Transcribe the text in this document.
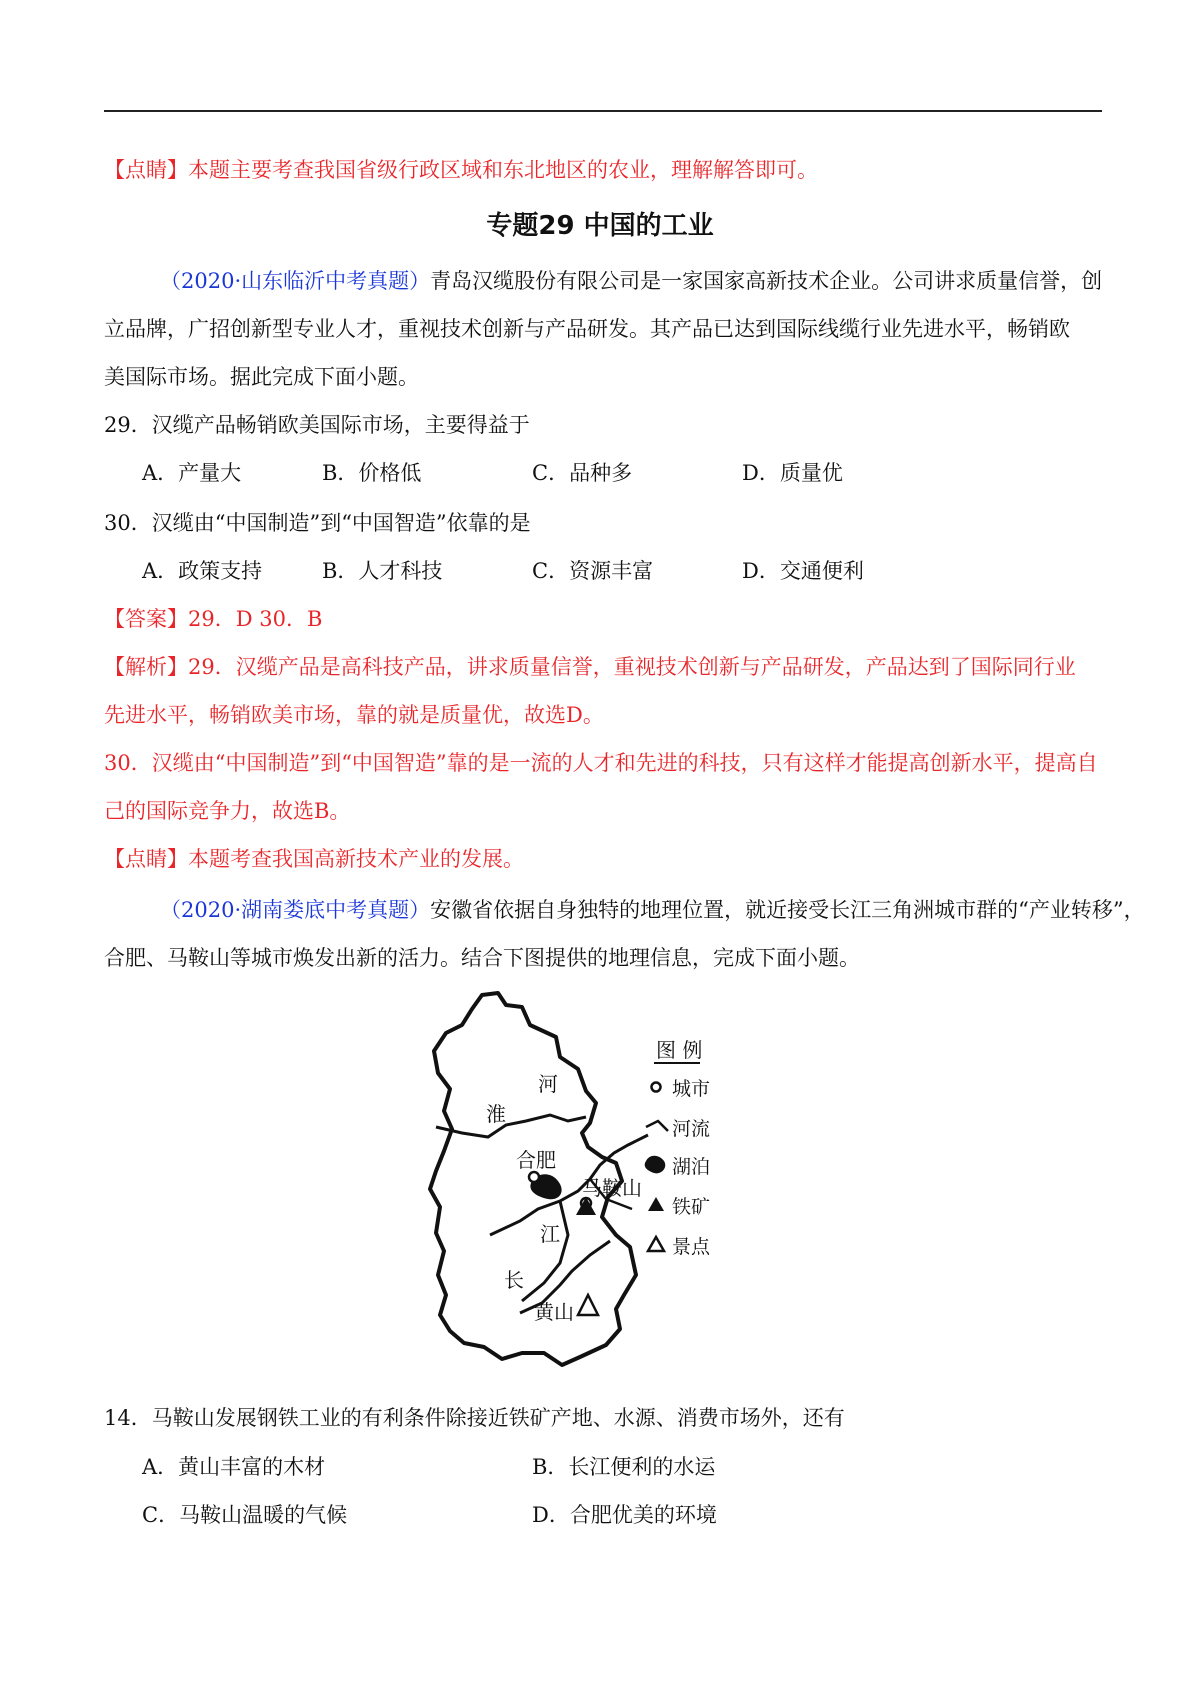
【点睛】本题主要考查我国省级行政区域和东北地区的农业，理解解答即可。
专题29 中国的工业
（2020·山东临沂中考真题）青岛汉缆股份有限公司是一家国家高新技术企业。公司讲求质量信誉，创
立品牌，广招创新型专业人才，重视技术创新与产品研发。其产品已达到国际线缆行业先进水平，畅销欧
美国际市场。据此完成下面小题。
29．汉缆产品畅销欧美国际市场，主要得益于
A．产量大	B．价格低	C．品种多	D．质量优
30．汉缆由“中国制造”到“中国智造”依靠的是
A．政策支持	B．人才科技	C．资源丰富	D．交通便利
【答案】29．D 30．B
【解析】29．汉缆产品是高科技产品，讲求质量信誉，重视技术创新与产品研发，产品达到了国际同行业
先进水平，畅销欧美市场，靠的就是质量优，故选D。
30．汉缆由“中国制造”到“中国智造”靠的是一流的人才和先进的科技，只有这样才能提高创新水平，提高自
己的国际竞争力，故选B。
【点睛】本题考查我国高新技术产业的发展。
（2020·湖南娄底中考真题）安徽省依据自身独特的地理位置，就近接受长江三角洲城市群的“产业转移”，
合肥、马鞍山等城市焕发出新的活力。结合下图提供的地理信息，完成下面小题。
河
淮
合肥
马鞍山
江
长
黄山
图 例
城市
河流
湖泊
铁矿
景点
14．马鞍山发展钢铁工业的有利条件除接近铁矿产地、水源、消费市场外，还有
A．黄山丰富的木材	B．长江便利的水运
C．马鞍山温暖的气候	D．合肥优美的环境
